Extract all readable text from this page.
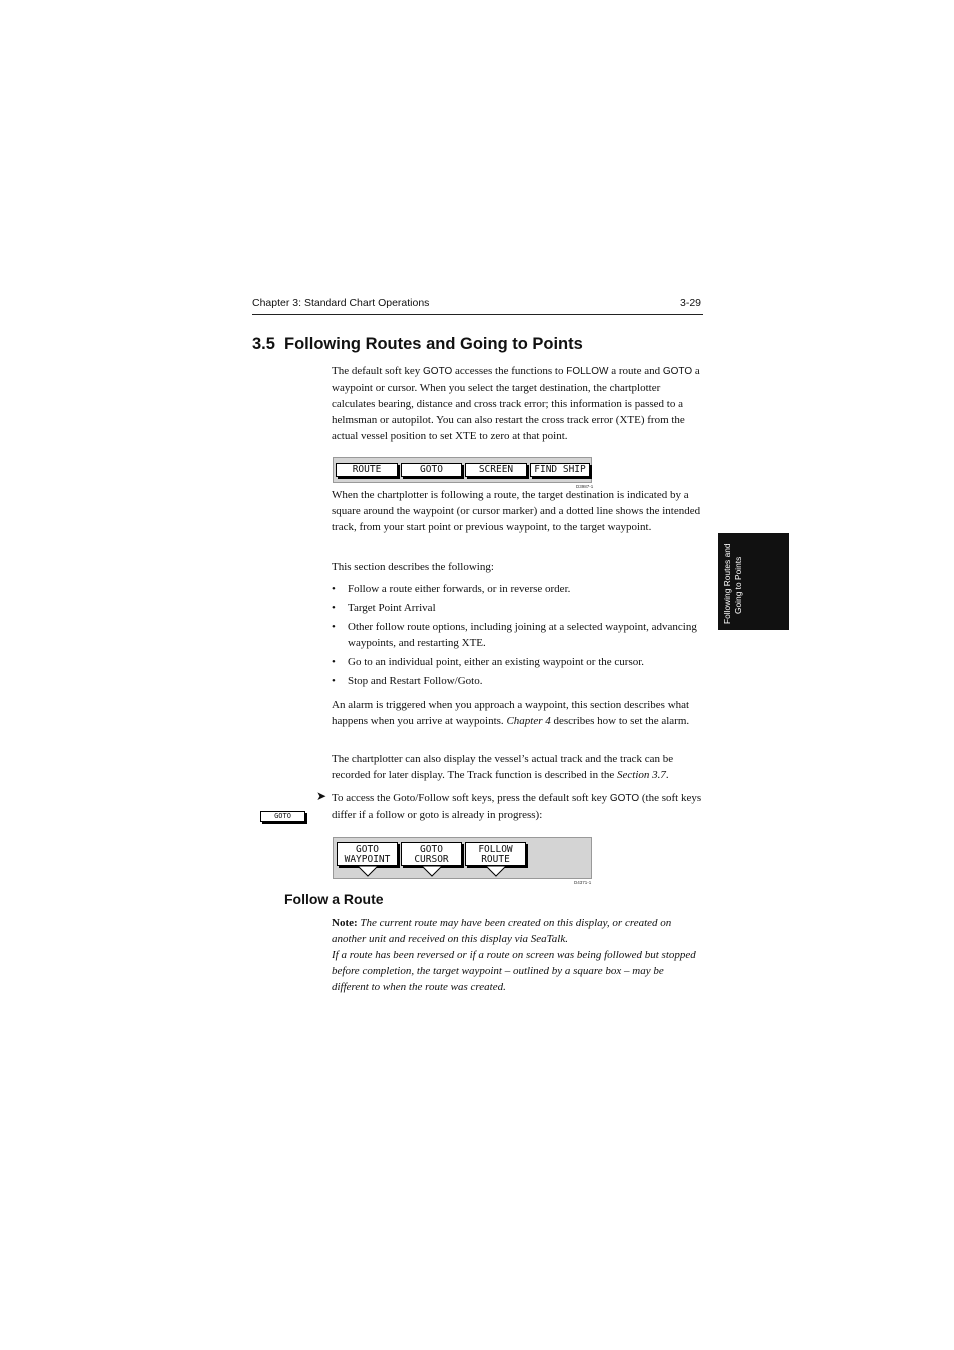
Chapter 3: Standard Chart Operations	3-29
Following Routes and Going to Points
3.5 Following Routes and Going to Points
The default soft key GOTO accesses the functions to FOLLOW a route and GOTO a waypoint or cursor. When you select the target destination, the chartplotter calculates bearing, distance and cross track error; this information is passed to a helmsman or autopilot. You can also restart the cross track error (XTE) from the actual vessel position to set XTE to zero at that point.
ROUTE	GOTO	SCREEN	FIND SHIP
D3987-1
When the chartplotter is following a route, the target destination is indicated by a square around the waypoint (or cursor marker) and a dotted line shows the intended track, from your start point or previous waypoint, to the target waypoint.
This section describes the following:
• Follow a route either forwards, or in reverse order.
• Target Point Arrival
• Other follow route options, including joining at a selected waypoint, advancing waypoints, and restarting XTE.
• Go to an individual point, either an existing waypoint or the cursor.
• Stop and Restart Follow/Goto.
An alarm is triggered when you approach a waypoint, this section describes what happens when you arrive at waypoints. Chapter 4 describes how to set the alarm.
The chartplotter can also display the vessel’s actual track and the track can be recorded for later display. The Track function is described in the Section 3.7.
➤ To access the Goto/Follow soft keys, press the default soft key GOTO (the soft keys differ if a follow or goto is already in progress):
GOTO
GOTO
WAYPOINT
GOTO
CURSOR
FOLLOW
ROUTE
D4371-1
Follow a Route
Note: The current route may have been created on this display, or created on another unit and received on this display via SeaTalk.
If a route has been reversed or if a route on screen was being followed but stopped before completion, the target waypoint – outlined by a square box – may be different to when the route was created.
